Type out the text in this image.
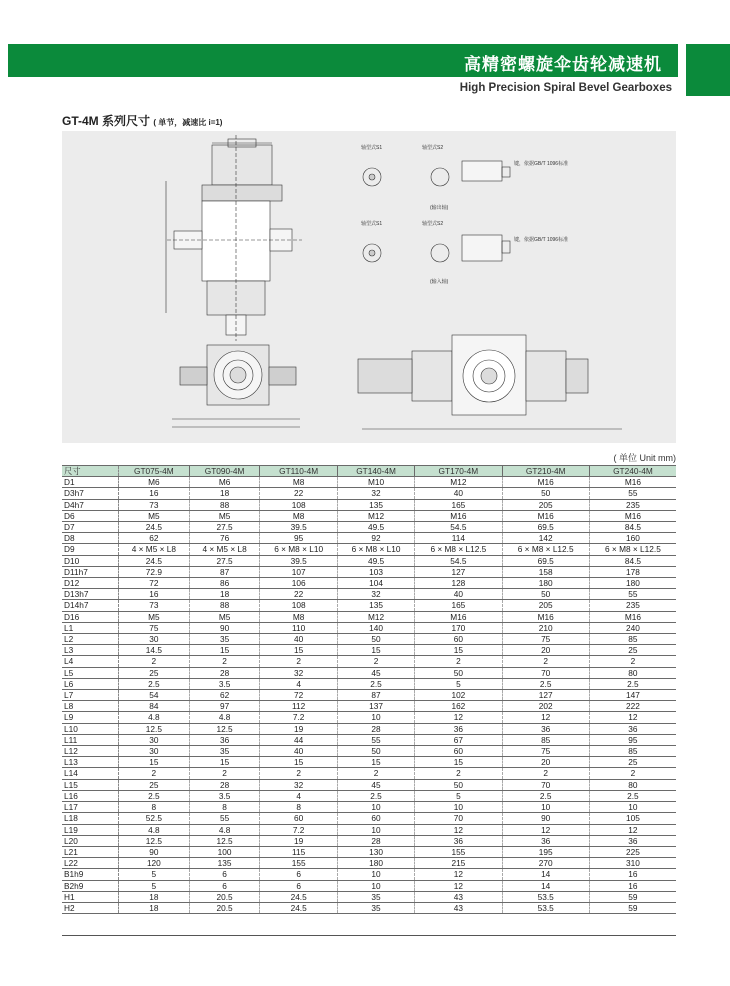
高精密螺旋伞齿轮减速机
High Precision Spiral Bevel Gearboxes
GT-4M 系列尺寸 ( 单节，减速比 i=1)
轴型式S1	轴型式S2
键，依据GB/T 1096标准
(输出轴)
轴型式S1	轴型式S2
键，依据GB/T 1096标准
(输入轴)
( 单位 Unit mm)
尺寸	GT075-4M	GT090-4M	GT110-4M	GT140-4M	GT170-4M	GT210-4M	GT240-4M
D1	M6	M6	M8	M10	M12	M16	M16
D3h7	16	18	22	32	40	50	55
D4h7	73	88	108	135	165	205	235
D6	M5	M5	M8	M12	M16	M16	M16
D7	24.5	27.5	39.5	49.5	54.5	69.5	84.5
D8	62	76	95	92	114	142	160
D9	4 × M5 × L8	4 × M5 × L8	6 × M8 × L10	6 × M8 × L10	6 × M8 × L12.5	6 × M8 × L12.5	6 × M8 × L12.5
D10	24.5	27.5	39.5	49.5	54.5	69.5	84.5
D11h7	72.9	87	107	103	127	158	178
D12	72	86	106	104	128	180	180
D13h7	16	18	22	32	40	50	55
D14h7	73	88	108	135	165	205	235
D16	M5	M5	M8	M12	M16	M16	M16
L1	75	90	110	140	170	210	240
L2	30	35	40	50	60	75	85
L3	14.5	15	15	15	15	20	25
L4	2	2	2	2	2	2	2
L5	25	28	32	45	50	70	80
L6	2.5	3.5	4	2.5	5	2.5	2.5
L7	54	62	72	87	102	127	147
L8	84	97	112	137	162	202	222
L9	4.8	4.8	7.2	10	12	12	12
L10	12.5	12.5	19	28	36	36	36
L11	30	36	44	55	67	85	95
L12	30	35	40	50	60	75	85
L13	15	15	15	15	15	20	25
L14	2	2	2	2	2	2	2
L15	25	28	32	45	50	70	80
L16	2.5	3.5	4	2.5	5	2.5	2.5
L17	8	8	8	10	10	10	10
L18	52.5	55	60	60	70	90	105
L19	4.8	4.8	7.2	10	12	12	12
L20	12.5	12.5	19	28	36	36	36
L21	90	100	115	130	155	195	225
L22	120	135	155	180	215	270	310
B1h9	5	6	6	10	12	14	16
B2h9	5	6	6	10	12	14	16
H1	18	20.5	24.5	35	43	53.5	59
H2	18	20.5	24.5	35	43	53.5	59
